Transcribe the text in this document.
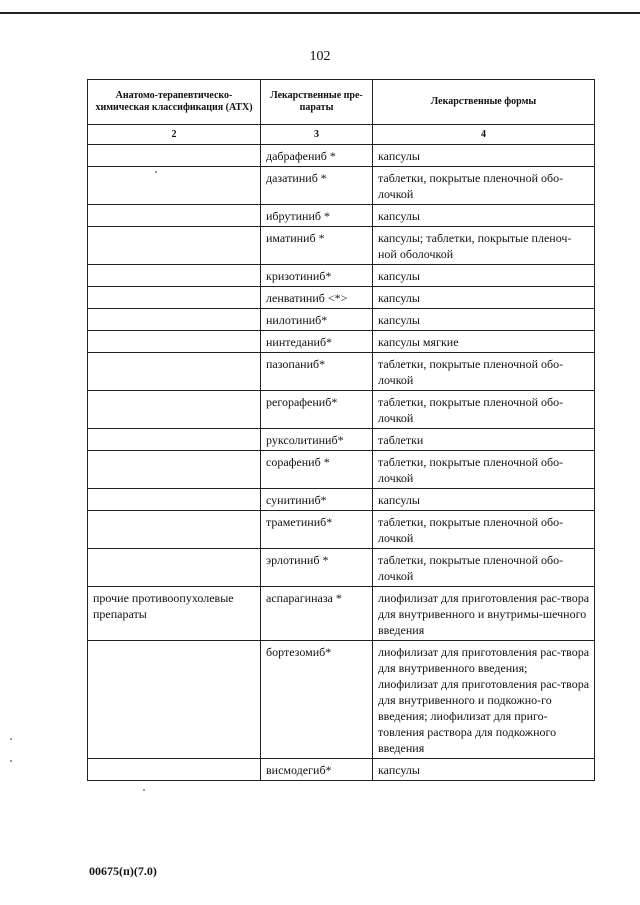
102
Анатомо-терапевтическо-химическая классификация (АТХ)	Лекарственные пре-параты	Лекарственные формы
2	3	4
	дабрафениб *	капсулы
	дазатиниб *	таблетки, покрытые пленочной обо-лочкой
	ибрутиниб *	капсулы
	иматиниб *	капсулы; таблетки, покрытые пленоч-ной оболочкой
	кризотиниб*	капсулы
	ленватиниб <*>	капсулы
	нилотиниб*	капсулы
	нинтеданиб*	капсулы мягкие
	пазопаниб*	таблетки, покрытые пленочной обо-лочкой
	регорафениб*	таблетки, покрытые пленочной обо-лочкой
	руксолитиниб*	таблетки
	сорафениб *	таблетки, покрытые пленочной обо-лочкой
	сунитиниб*	капсулы
	траметиниб*	таблетки, покрытые пленочной обо-лочкой
	эрлотиниб *	таблетки, покрытые пленочной обо-лочкой
прочие противоопухолевые препараты	аспарагиназа *	лиофилизат для приготовления рас-твора для внутривенного и внутримы-шечного введения
	бортезомиб*	лиофилизат для приготовления рас-твора для внутривенного введения; лиофилизат для приготовления рас-твора для внутривенного и подкожно-го введения; лиофилизат для приго-товления раствора для подкожного введения
	висмодегиб*	капсулы
00675(п)(7.0)
